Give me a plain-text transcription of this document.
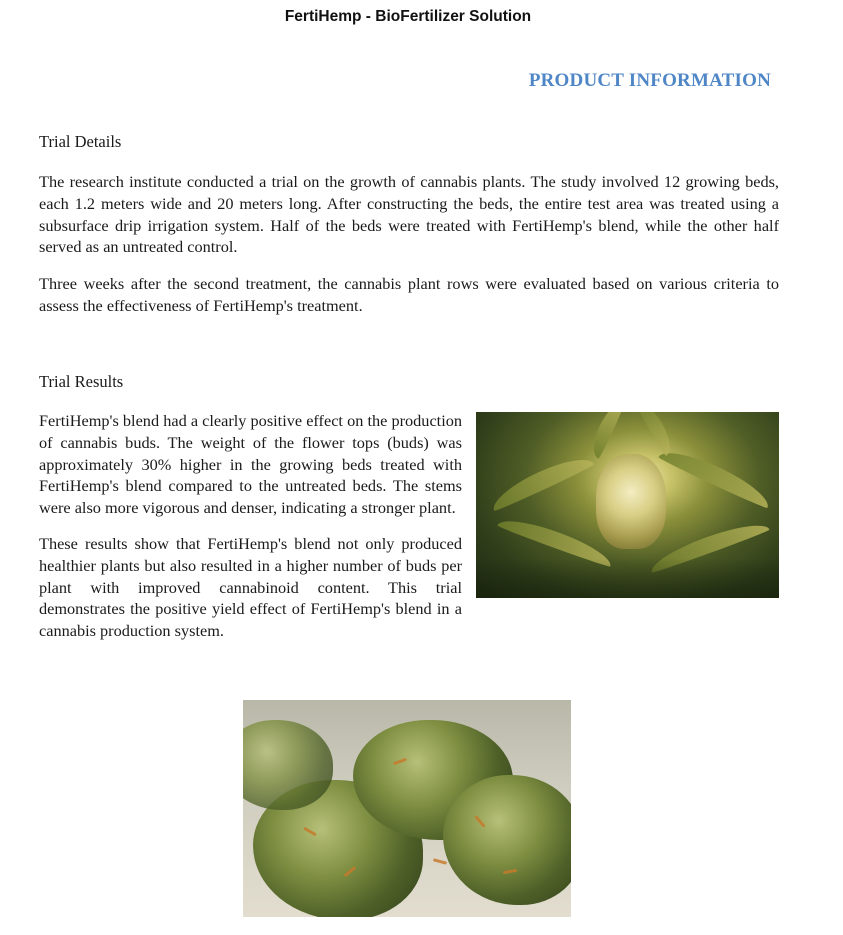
FertiHemp - BioFertilizer Solution
PRODUCT INFORMATION
Trial Details
The research institute conducted a trial on the growth of cannabis plants. The study involved 12 growing beds, each 1.2 meters wide and 20 meters long. After constructing the beds, the entire test area was treated using a subsurface drip irrigation system. Half of the beds were treated with FertiHemp's blend, while the other half served as an untreated control.
Three weeks after the second treatment, the cannabis plant rows were evaluated based on various criteria to assess the effectiveness of FertiHemp's treatment.
Trial Results

FertiHemp's blend had a clearly positive effect on the production of cannabis buds. The weight of the flower tops (buds) was approximately 30% higher in the growing beds treated with FertiHemp's blend compared to the untreated beds. The stems were also more vigorous and denser, indicating a stronger plant.

These results show that FertiHemp's blend not only produced healthier plants but also resulted in a higher number of buds per plant with improved cannabinoid content. This trial demonstrates the positive yield effect of FertiHemp's blend in a cannabis production system.
